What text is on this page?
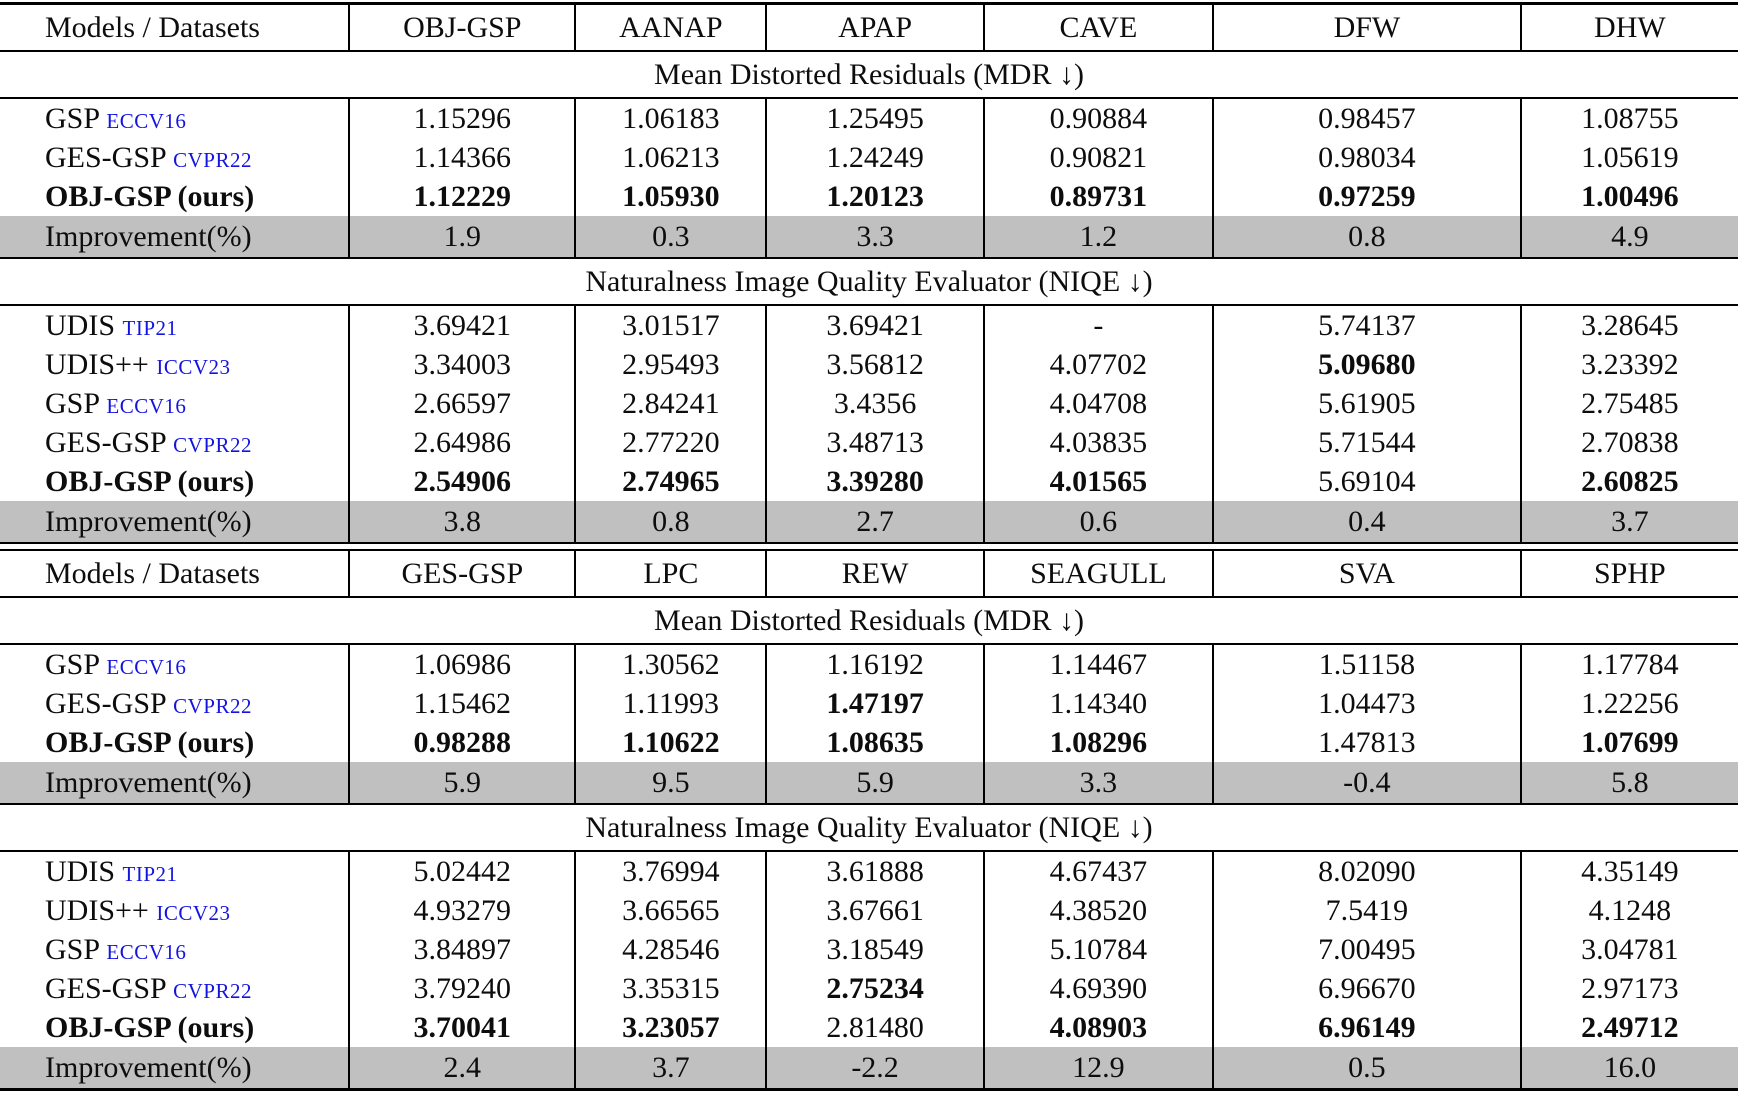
Models / Datasets	OBJ-GSP	AANAP	APAP	CAVE	DFW	DHW
Mean Distorted Residuals (MDR ↓)						
GSP ECCV16	1.15296	1.06183	1.25495	0.90884	0.98457	1.08755
GES-GSP CVPR22	1.14366	1.06213	1.24249	0.90821	0.98034	1.05619
OBJ-GSP (ours)	1.12229	1.05930	1.20123	0.89731	0.97259	1.00496
Improvement(%)	1.9	0.3	3.3	1.2	0.8	4.9
Naturalness Image Quality Evaluator (NIQE ↓)						
UDIS TIP21	3.69421	3.01517	3.69421	-	5.74137	3.28645
UDIS++ ICCV23	3.34003	2.95493	3.56812	4.07702	5.09680	3.23392
GSP ECCV16	2.66597	2.84241	3.4356	4.04708	5.61905	2.75485
GES-GSP CVPR22	2.64986	2.77220	3.48713	4.03835	5.71544	2.70838
OBJ-GSP (ours)	2.54906	2.74965	3.39280	4.01565	5.69104	2.60825
Improvement(%)	3.8	0.8	2.7	0.6	0.4	3.7
Models / Datasets	GES-GSP	LPC	REW	SEAGULL	SVA	SPHP
Mean Distorted Residuals (MDR ↓)						
GSP ECCV16	1.06986	1.30562	1.16192	1.14467	1.51158	1.17784
GES-GSP CVPR22	1.15462	1.11993	1.47197	1.14340	1.04473	1.22256
OBJ-GSP (ours)	0.98288	1.10622	1.08635	1.08296	1.47813	1.07699
Improvement(%)	5.9	9.5	5.9	3.3	-0.4	5.8
Naturalness Image Quality Evaluator (NIQE ↓)						
UDIS TIP21	5.02442	3.76994	3.61888	4.67437	8.02090	4.35149
UDIS++ ICCV23	4.93279	3.66565	3.67661	4.38520	7.5419	4.1248
GSP ECCV16	3.84897	4.28546	3.18549	5.10784	7.00495	3.04781
GES-GSP CVPR22	3.79240	3.35315	2.75234	4.69390	6.96670	2.97173
OBJ-GSP (ours)	3.70041	3.23057	2.81480	4.08903	6.96149	2.49712
Improvement(%)	2.4	3.7	-2.2	12.9	0.5	16.0
